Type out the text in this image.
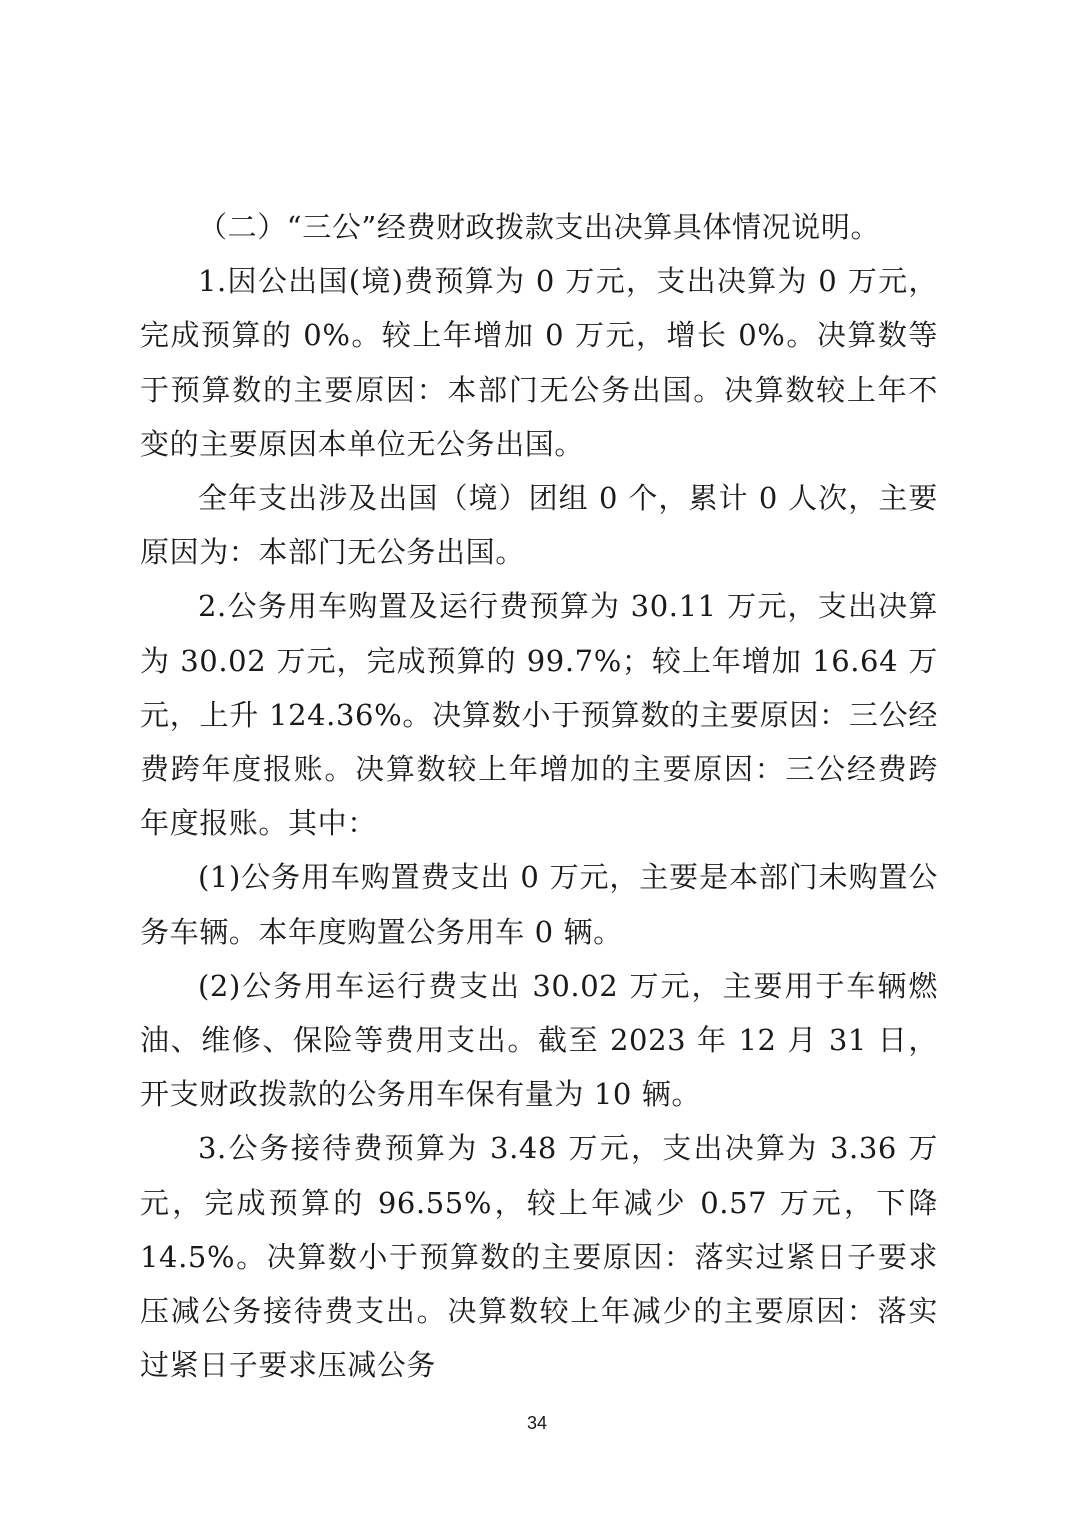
（二）“三公”经费财政拨款支出决算具体情况说明。

1.因公出国(境)费预算为 0 万元，支出决算为 0 万元，完成预算的 0%。较上年增加 0 万元，增长 0%。决算数等于预算数的主要原因：本部门无公务出国。决算数较上年不变的主要原因本单位无公务出国。

全年支出涉及出国（境）团组 0 个，累计 0 人次，主要原因为：本部门无公务出国。

2.公务用车购置及运行费预算为 30.11 万元，支出决算为 30.02 万元，完成预算的 99.7%；较上年增加 16.64 万元，上升 124.36%。决算数小于预算数的主要原因：三公经费跨年度报账。决算数较上年增加的主要原因：三公经费跨年度报账。其中：

(1)公务用车购置费支出 0 万元，主要是本部门未购置公务车辆。本年度购置公务用车 0 辆。

(2)公务用车运行费支出 30.02 万元，主要用于车辆燃油、维修、保险等费用支出。截至 2023 年 12 月 31 日，开支财政拨款的公务用车保有量为 10 辆。

3.公务接待费预算为 3.48 万元，支出决算为 3.36 万元，完成预算的 96.55%，较上年减少 0.57 万元，下降 14.5%。决算数小于预算数的主要原因：落实过紧日子要求压减公务接待费支出。决算数较上年减少的主要原因：落实过紧日子要求压减公务

34
